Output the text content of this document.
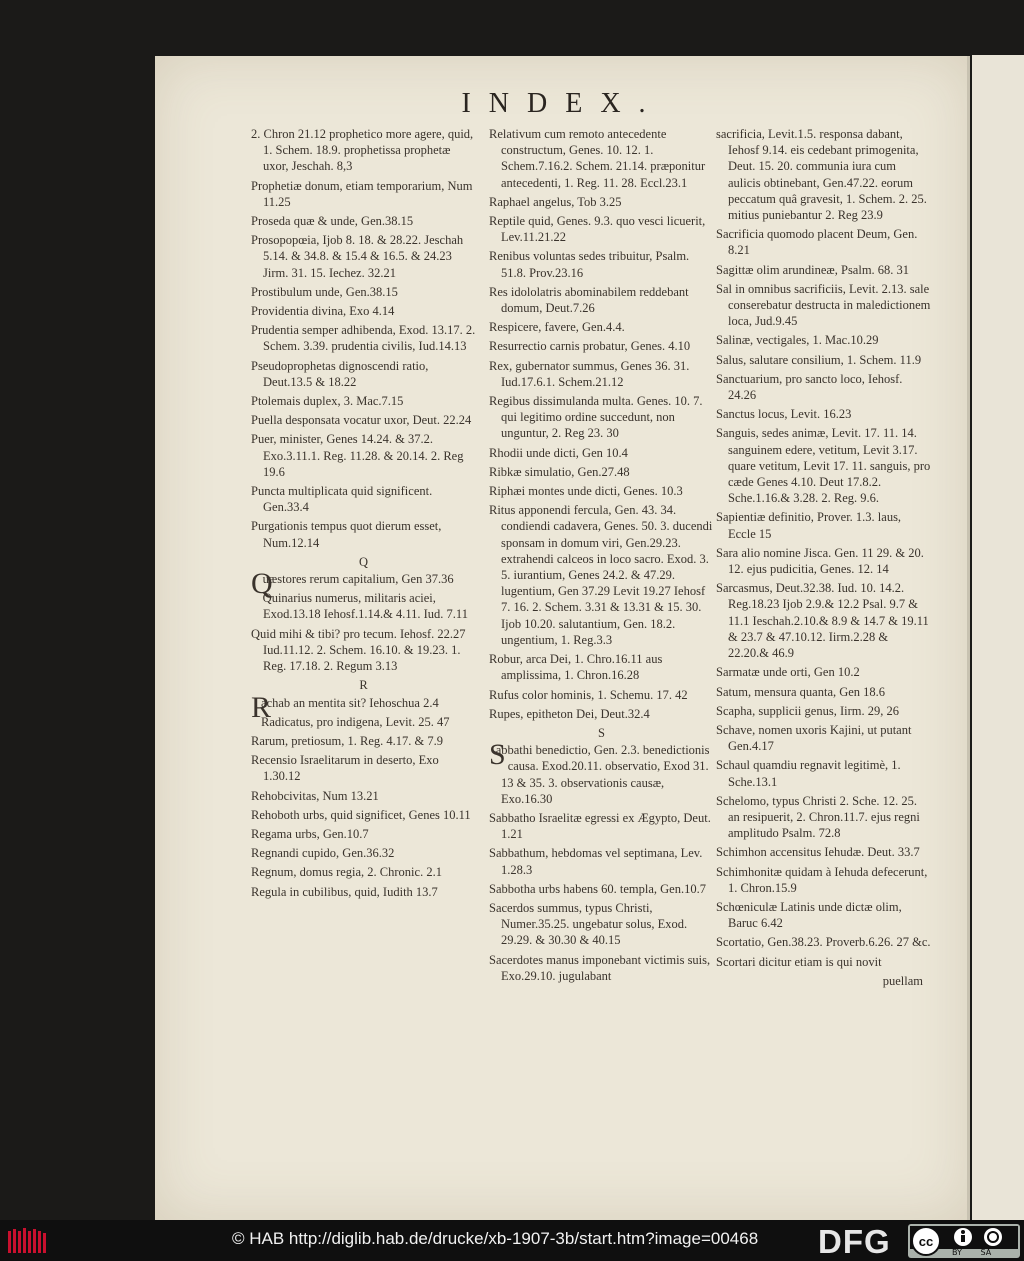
INDEX.
2. Chron 21.12 prophetico more agere, quid, 1. Schem. 18.9. prophetissa prophetæ uxor, Jeschah. 8,3
Prophetiæ donum, etiam temporarium, Num 11.25
Proseda quæ & unde, Gen.38.15
Prosopopœia, Ijob 8. 18. & 28.22. Jeschah 5.14. & 34.8. & 15.4 & 16.5. & 24.23 Jirm. 31. 15. Iechez. 32.21
Prostibulum unde, Gen.38.15
Providentia divina, Exo 4.14
Prudentia semper adhibenda, Exod. 13.17. 2. Schem. 3.39. prudentia civilis, Iud.14.13
Pseudoprophetas dignoscendi ratio, Deut.13.5 & 18.22
Ptolemais duplex, 3. Mac.7.15
Puella desponsata vocatur uxor, Deut. 22.24
Puer, minister, Genes 14.24. & 37.2. Exo.3.11.1. Reg. 11.28. & 20.14. 2. Reg 19.6
Puncta multiplicata quid significent. Gen.33.4
Purgationis tempus quot dierum esset, Num.12.14
Q
Quæstores rerum capitalium, Gen 37.36
Quinarius numerus, militaris aciei, Exod.13.18 Iehosf.1.14.& 4.11. Iud. 7.11
Quid mihi & tibi? pro tecum. Iehosf. 22.27 Iud.11.12. 2. Schem. 16.10. & 19.23. 1. Reg. 17.18. 2. Regum 3.13
R
Rachab an mentita sit? Iehoschua 2.4
Radicatus, pro indigena, Levit. 25. 47
Rarum, pretiosum, 1. Reg. 4.17. & 7.9
Recensio Israelitarum in deserto, Exo 1.30.12
Rehobcivitas, Num 13.21
Rehoboth urbs, quid significet, Genes 10.11
Regama urbs, Gen.10.7
Regnandi cupido, Gen.36.32
Regnum, domus regia, 2. Chronic. 2.1
Regula in cubilibus, quid, Iudith 13.7
Relativum cum remoto antecedente constructum, Genes. 10. 12. 1. Schem.7.16.2. Schem. 21.14. præponitur antecedenti, 1. Reg. 11. 28. Eccl.23.1
Raphael angelus, Tob 3.25
Reptile quid, Genes. 9.3. quo vesci licuerit, Lev.11.21.22
Renibus voluntas sedes tribuitur, Psalm. 51.8. Prov.23.16
Res idololatris abominabilem reddebant domum, Deut.7.26
Respicere, favere, Gen.4.4.
Resurrectio carnis probatur, Genes. 4.10
Rex, gubernator summus, Genes 36. 31. Iud.17.6.1. Schem.21.12
Regibus dissimulanda multa. Genes. 10. 7. qui legitimo ordine succedunt, non unguntur, 2. Reg 23. 30
Rhodii unde dicti, Gen 10.4
Ribkæ simulatio, Gen.27.48
Riphæi montes unde dicti, Genes. 10.3
Ritus apponendi fercula, Gen. 43. 34. condiendi cadavera, Genes. 50. 3. ducendi sponsam in domum viri, Gen.29.23. extrahendi calceos in loco sacro. Exod. 3. 5. iurantium, Genes 24.2. & 47.29. lugentium, Gen 37.29 Levit 19.27 Iehosf 7. 16. 2. Schem. 3.31 & 13.31 & 15. 30. Ijob 10.20. salutantium, Gen. 18.2. ungentium, 1. Reg.3.3
Robur, arca Dei, 1. Chro.16.11 aus amplissima, 1. Chron.16.28
Rufus color hominis, 1. Schemu. 17. 42
Rupes, epitheton Dei, Deut.32.4
S
Sabbathi benedictio, Gen. 2.3. benedictionis causa. Exod.20.11. observatio, Exod 31. 13 & 35. 3. observationis causæ, Exo.16.30
Sabbatho Israelitæ egressi ex Ægypto, Deut. 1.21
Sabbathum, hebdomas vel septimana, Lev. 1.28.3
Sabbotha urbs habens 60. templa, Gen.10.7
Sacerdos summus, typus Christi, Numer.35.25. ungebatur solus, Exod. 29.29. & 30.30 & 40.15
Sacerdotes manus imponebant victimis suis, Exo.29.10. jugulabant
sacrificia, Levit.1.5. responsa dabant, Iehosf 9.14. eis cedebant primogenita, Deut. 15. 20. communia iura cum aulicis obtinebant, Gen.47.22. eorum peccatum quâ gravesit, 1. Schem. 2. 25. mitius puniebantur 2. Reg 23.9
Sacrificia quomodo placent Deum, Gen. 8.21
Sagittæ olim arundineæ, Psalm. 68. 31
Sal in omnibus sacrificiis, Levit. 2.13. sale conserebatur destructa in maledictionem loca, Jud.9.45
Salinæ, vectigales, 1. Mac.10.29
Salus, salutare consilium, 1. Schem. 11.9
Sanctuarium, pro sancto loco, Iehosf. 24.26
Sanctus locus, Levit. 16.23
Sanguis, sedes animæ, Levit. 17. 11. 14. sanguinem edere, vetitum, Levit 3.17. quare vetitum, Levit 17. 11. sanguis, pro cæde Genes 4.10. Deut 17.8.2. Sche.1.16.& 3.28. 2. Reg. 9.6.
Sapientiæ definitio, Prover. 1.3. laus, Eccle 15
Sara alio nomine Jisca. Gen. 11 29. & 20. 12. ejus pudicitia, Genes. 12. 14
Sarcasmus, Deut.32.38. Iud. 10. 14.2. Reg.18.23 Ijob 2.9.& 12.2 Psal. 9.7 & 11.1 Ieschah.2.10.& 8.9 & 14.7 & 19.11 & 23.7 & 47.10.12. Iirm.2.28 & 22.20.& 46.9
Sarmatæ unde orti, Gen 10.2
Satum, mensura quanta, Gen 18.6
Scapha, supplicii genus, Iirm. 29, 26
Schave, nomen uxoris Kajini, ut putant Gen.4.17
Schaul quamdiu regnavit legitimè, 1. Sche.13.1
Schelomo, typus Christi 2. Sche. 12. 25. an resipuerit, 2. Chron.11.7. ejus regni amplitudo Psalm. 72.8
Schimhon accensitus Iehudæ. Deut. 33.7
Schimhonitæ quidam à Iehuda defecerunt, 1. Chron.15.9
Schœniculæ Latinis unde dictæ olim, Baruc 6.42
Scortatio, Gen.38.23. Proverb.6.26. 27 &c.
Scortari dicitur etiam is qui novit
puellam
© HAB http://diglib.hab.de/drucke/xb-1907-3b/start.htm?image=00468 DFG cc
BY SA
